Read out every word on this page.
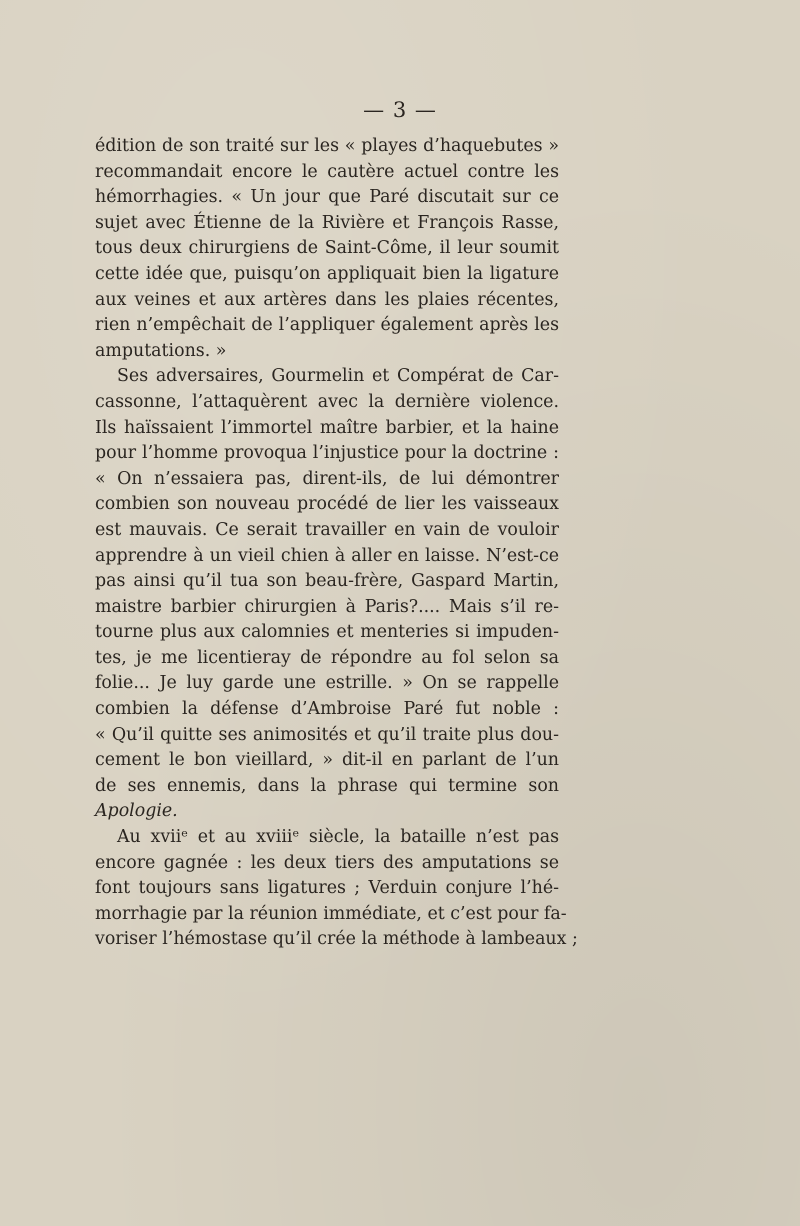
— 3 —
édition de son traité sur les « playes d’haquebutes »
recommandait encore le cautère actuel contre les
hémorrhagies. « Un jour que Paré discutait sur ce
sujet avec Étienne de la Rivière et François Rasse,
tous deux chirurgiens de Saint-Côme, il leur soumit
cette idée que, puisqu’on appliquait bien la ligature
aux veines et aux artères dans les plaies récentes,
rien n’empêchait de l’appliquer également après les
amputations. »
Ses adversaires, Gourmelin et Compérat de Car-
cassonne, l’attaquèrent avec la dernière violence.
Ils haïssaient l’immortel maître barbier, et la haine
pour l’homme provoqua l’injustice pour la doctrine :
« On n’essaiera pas, dirent-ils, de lui démontrer
combien son nouveau procédé de lier les vaisseaux
est mauvais. Ce serait travailler en vain de vouloir
apprendre à un vieil chien à aller en laisse. N’est-ce
pas ainsi qu’il tua son beau-frère, Gaspard Martin,
maistre barbier chirurgien à Paris?.... Mais s’il re-
tourne plus aux calomnies et menteries si impuden-
tes, je me licentieray de répondre au fol selon sa
folie... Je luy garde une estrille. » On se rappelle
combien la défense d’Ambroise Paré fut noble :
« Qu’il quitte ses animosités et qu’il traite plus dou-
cement le bon vieillard, » dit-il en parlant de l’un
de ses ennemis, dans la phrase qui termine son
Apologie.
Au xviiᵉ et au xviiiᵉ siècle, la bataille n’est pas
encore gagnée : les deux tiers des amputations se
font toujours sans ligatures ; Verduin conjure l’hé-
morrhagie par la réunion immédiate, et c’est pour fa-
voriser l’hémostase qu’il crée la méthode à lambeaux ;
